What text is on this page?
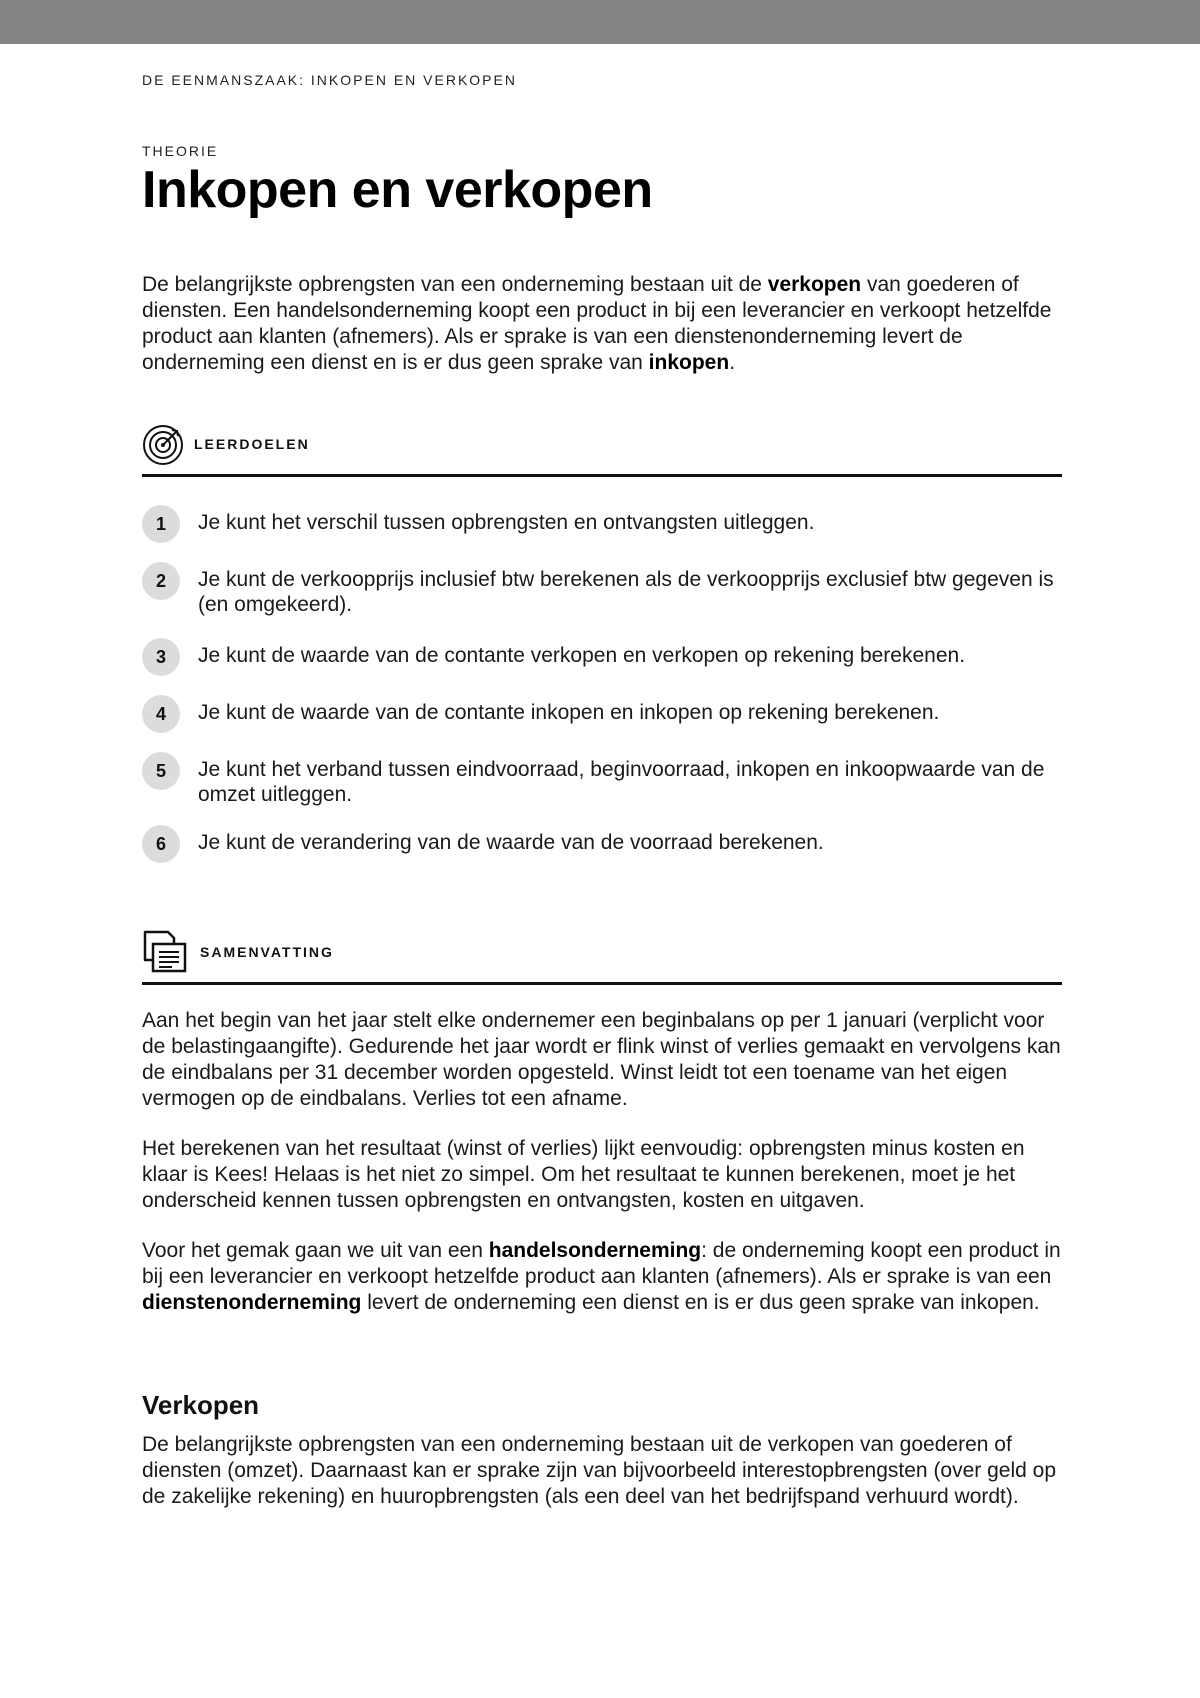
DE EENMANSZAAK: INKOPEN EN VERKOPEN
THEORIE
Inkopen en verkopen

De belangrijkste opbrengsten van een onderneming bestaan uit de verkopen van goederen of diensten. Een handelsonderneming koopt een product in bij een leverancier en verkoopt hetzelfde product aan klanten (afnemers). Als er sprake is van een dienstenonderneming levert de onderneming een dienst en is er dus geen sprake van inkopen.

LEERDOELEN
1	Je kunt het verschil tussen opbrengsten en ontvangsten uitleggen.
2	Je kunt de verkoopprijs inclusief btw berekenen als de verkoopprijs exclusief btw gegeven is (en omgekeerd).
3	Je kunt de waarde van de contante verkopen en verkopen op rekening berekenen.
4	Je kunt de waarde van de contante inkopen en inkopen op rekening berekenen.
5	Je kunt het verband tussen eindvoorraad, beginvoorraad, inkopen en inkoopwaarde van de omzet uitleggen.
6	Je kunt de verandering van de waarde van de voorraad berekenen.
SAMENVATTING

Aan het begin van het jaar stelt elke ondernemer een beginbalans op per 1 januari (verplicht voor de belastingaangifte). Gedurende het jaar wordt er flink winst of verlies gemaakt en vervolgens kan de eindbalans per 31 december worden opgesteld. Winst leidt tot een toename van het eigen vermogen op de eindbalans. Verlies tot een afname.

Het berekenen van het resultaat (winst of verlies) lijkt eenvoudig: opbrengsten minus kosten en klaar is Kees! Helaas is het niet zo simpel. Om het resultaat te kunnen berekenen, moet je het onderscheid kennen tussen opbrengsten en ontvangsten, kosten en uitgaven.

Voor het gemak gaan we uit van een handelsonderneming: de onderneming koopt een product in bij een leverancier en verkoopt hetzelfde product aan klanten (afnemers). Als er sprake is van een dienstenonderneming levert de onderneming een dienst en is er dus geen sprake van inkopen.

Verkopen

De belangrijkste opbrengsten van een onderneming bestaan uit de verkopen van goederen of diensten (omzet). Daarnaast kan er sprake zijn van bijvoorbeeld interestopbrengsten (over geld op de zakelijke rekening) en huuropbrengsten (als een deel van het bedrijfspand verhuurd wordt).
